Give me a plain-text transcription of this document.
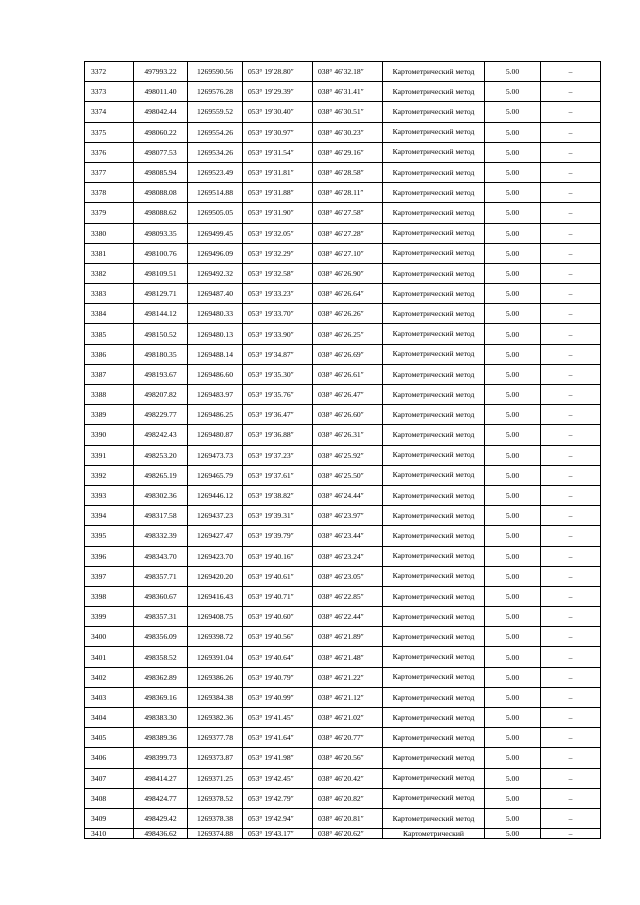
3372	497993.22	1269590.56	053° 19′28.80″	038° 46′32.18″	Картометрический метод	5.00	–
3373	498011.40	1269576.28	053° 19′29.39″	038° 46′31.41″	Картометрический метод	5.00	–
3374	498042.44	1269559.52	053° 19′30.40″	038° 46′30.51″	Картометрический метод	5.00	–
3375	498060.22	1269554.26	053° 19′30.97″	038° 46′30.23″	Картометрический метод	5.00	–
3376	498077.53	1269534.26	053° 19′31.54″	038° 46′29.16″	Картометрический метод	5.00	–
3377	498085.94	1269523.49	053° 19′31.81″	038° 46′28.58″	Картометрический метод	5.00	–
3378	498088.08	1269514.88	053° 19′31.88″	038° 46′28.11″	Картометрический метод	5.00	–
3379	498088.62	1269505.05	053° 19′31.90″	038° 46′27.58″	Картометрический метод	5.00	–
3380	498093.35	1269499.45	053° 19′32.05″	038° 46′27.28″	Картометрический метод	5.00	–
3381	498100.76	1269496.09	053° 19′32.29″	038° 46′27.10″	Картометрический метод	5.00	–
3382	498109.51	1269492.32	053° 19′32.58″	038° 46′26.90″	Картометрический метод	5.00	–
3383	498129.71	1269487.40	053° 19′33.23″	038° 46′26.64″	Картометрический метод	5.00	–
3384	498144.12	1269480.33	053° 19′33.70″	038° 46′26.26″	Картометрический метод	5.00	–
3385	498150.52	1269480.13	053° 19′33.90″	038° 46′26.25″	Картометрический метод	5.00	–
3386	498180.35	1269488.14	053° 19′34.87″	038° 46′26.69″	Картометрический метод	5.00	–
3387	498193.67	1269486.60	053° 19′35.30″	038° 46′26.61″	Картометрический метод	5.00	–
3388	498207.82	1269483.97	053° 19′35.76″	038° 46′26.47″	Картометрический метод	5.00	–
3389	498229.77	1269486.25	053° 19′36.47″	038° 46′26.60″	Картометрический метод	5.00	–
3390	498242.43	1269480.87	053° 19′36.88″	038° 46′26.31″	Картометрический метод	5.00	–
3391	498253.20	1269473.73	053° 19′37.23″	038° 46′25.92″	Картометрический метод	5.00	–
3392	498265.19	1269465.79	053° 19′37.61″	038° 46′25.50″	Картометрический метод	5.00	–
3393	498302.36	1269446.12	053° 19′38.82″	038° 46′24.44″	Картометрический метод	5.00	–
3394	498317.58	1269437.23	053° 19′39.31″	038° 46′23.97″	Картометрический метод	5.00	–
3395	498332.39	1269427.47	053° 19′39.79″	038° 46′23.44″	Картометрический метод	5.00	–
3396	498343.70	1269423.70	053° 19′40.16″	038° 46′23.24″	Картометрический метод	5.00	–
3397	498357.71	1269420.20	053° 19′40.61″	038° 46′23.05″	Картометрический метод	5.00	–
3398	498360.67	1269416.43	053° 19′40.71″	038° 46′22.85″	Картометрический метод	5.00	–
3399	498357.31	1269408.75	053° 19′40.60″	038° 46′22.44″	Картометрический метод	5.00	–
3400	498356.09	1269398.72	053° 19′40.56″	038° 46′21.89″	Картометрический метод	5.00	–
3401	498358.52	1269391.04	053° 19′40.64″	038° 46′21.48″	Картометрический метод	5.00	–
3402	498362.89	1269386.26	053° 19′40.79″	038° 46′21.22″	Картометрический метод	5.00	–
3403	498369.16	1269384.38	053° 19′40.99″	038° 46′21.12″	Картометрический метод	5.00	–
3404	498383.30	1269382.36	053° 19′41.45″	038° 46′21.02″	Картометрический метод	5.00	–
3405	498389.36	1269377.78	053° 19′41.64″	038° 46′20.77″	Картометрический метод	5.00	–
3406	498399.73	1269373.87	053° 19′41.98″	038° 46′20.56″	Картометрический метод	5.00	–
3407	498414.27	1269371.25	053° 19′42.45″	038° 46′20.42″	Картометрический метод	5.00	–
3408	498424.77	1269378.52	053° 19′42.79″	038° 46′20.82″	Картометрический метод	5.00	–
3409	498429.42	1269378.38	053° 19′42.94″	038° 46′20.81″	Картометрический метод	5.00	–
3410	498436.62	1269374.88	053° 19′43.17″	038° 46′20.62″	Картометрический	5.00	–
